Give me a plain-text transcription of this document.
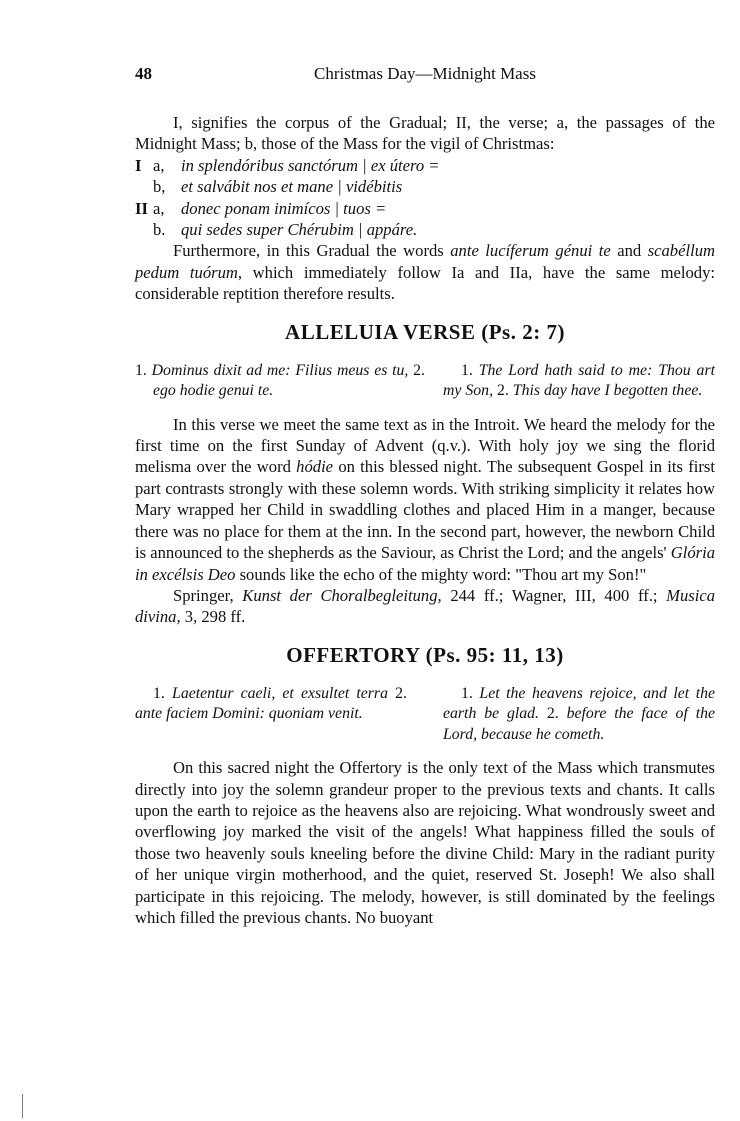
48	Christmas Day—Midnight Mass

I, signifies the corpus of the Gradual; II, the verse; a, the passages of the Midnight Mass; b, those of the Mass for the vigil of Christmas:

I a, in splendóribus sanctórum | ex útero =
b, et salvábit nos et mane | vidébitis
II a, donec ponam inimícos | tuos =
b. qui sedes super Chérubim | appáre.

Furthermore, in this Gradual the words ante lucíferum génui te and scabéllum pedum tuórum, which immediately follow Ia and IIa, have the same melody: considerable reptition therefore results.

ALLELUIA VERSE (Ps. 2: 7)
1. Dominus dixit ad me: Filius meus es tu, 2. ego hodie genui te.
1. The Lord hath said to me: Thou art my Son, 2. This day have I begotten thee.

In this verse we meet the same text as in the Introit. We heard the melody for the first time on the first Sunday of Advent (q.v.). With holy joy we sing the florid melisma over the word hódie on this blessed night. The subsequent Gospel in its first part contrasts strongly with these solemn words. With striking simplicity it relates how Mary wrapped her Child in swaddling clothes and placed Him in a manger, because there was no place for them at the inn. In the second part, however, the newborn Child is announced to the shepherds as the Saviour, as Christ the Lord; and the angels' Glória in excélsis Deo sounds like the echo of the mighty word: "Thou art my Son!"

Springer, Kunst der Choralbegleitung, 244 ff.; Wagner, III, 400 ff.; Musica divina, 3, 298 ff.

OFFERTORY (Ps. 95: 11, 13)
1. Laetentur caeli, et exsultet terra 2. ante faciem Domini: quoniam venit.
1. Let the heavens rejoice, and let the earth be glad. 2. before the face of the Lord, because he cometh.

On this sacred night the Offertory is the only text of the Mass which transmutes directly into joy the solemn grandeur proper to the previous texts and chants. It calls upon the earth to rejoice as the heavens also are rejoicing. What wondrously sweet and overflowing joy marked the visit of the angels! What happiness filled the souls of those two heavenly souls kneeling before the divine Child: Mary in the radiant purity of her unique virgin motherhood, and the quiet, reserved St. Joseph! We also shall participate in this rejoicing. The melody, however, is still dominated by the feelings which filled the previous chants. No buoyant
